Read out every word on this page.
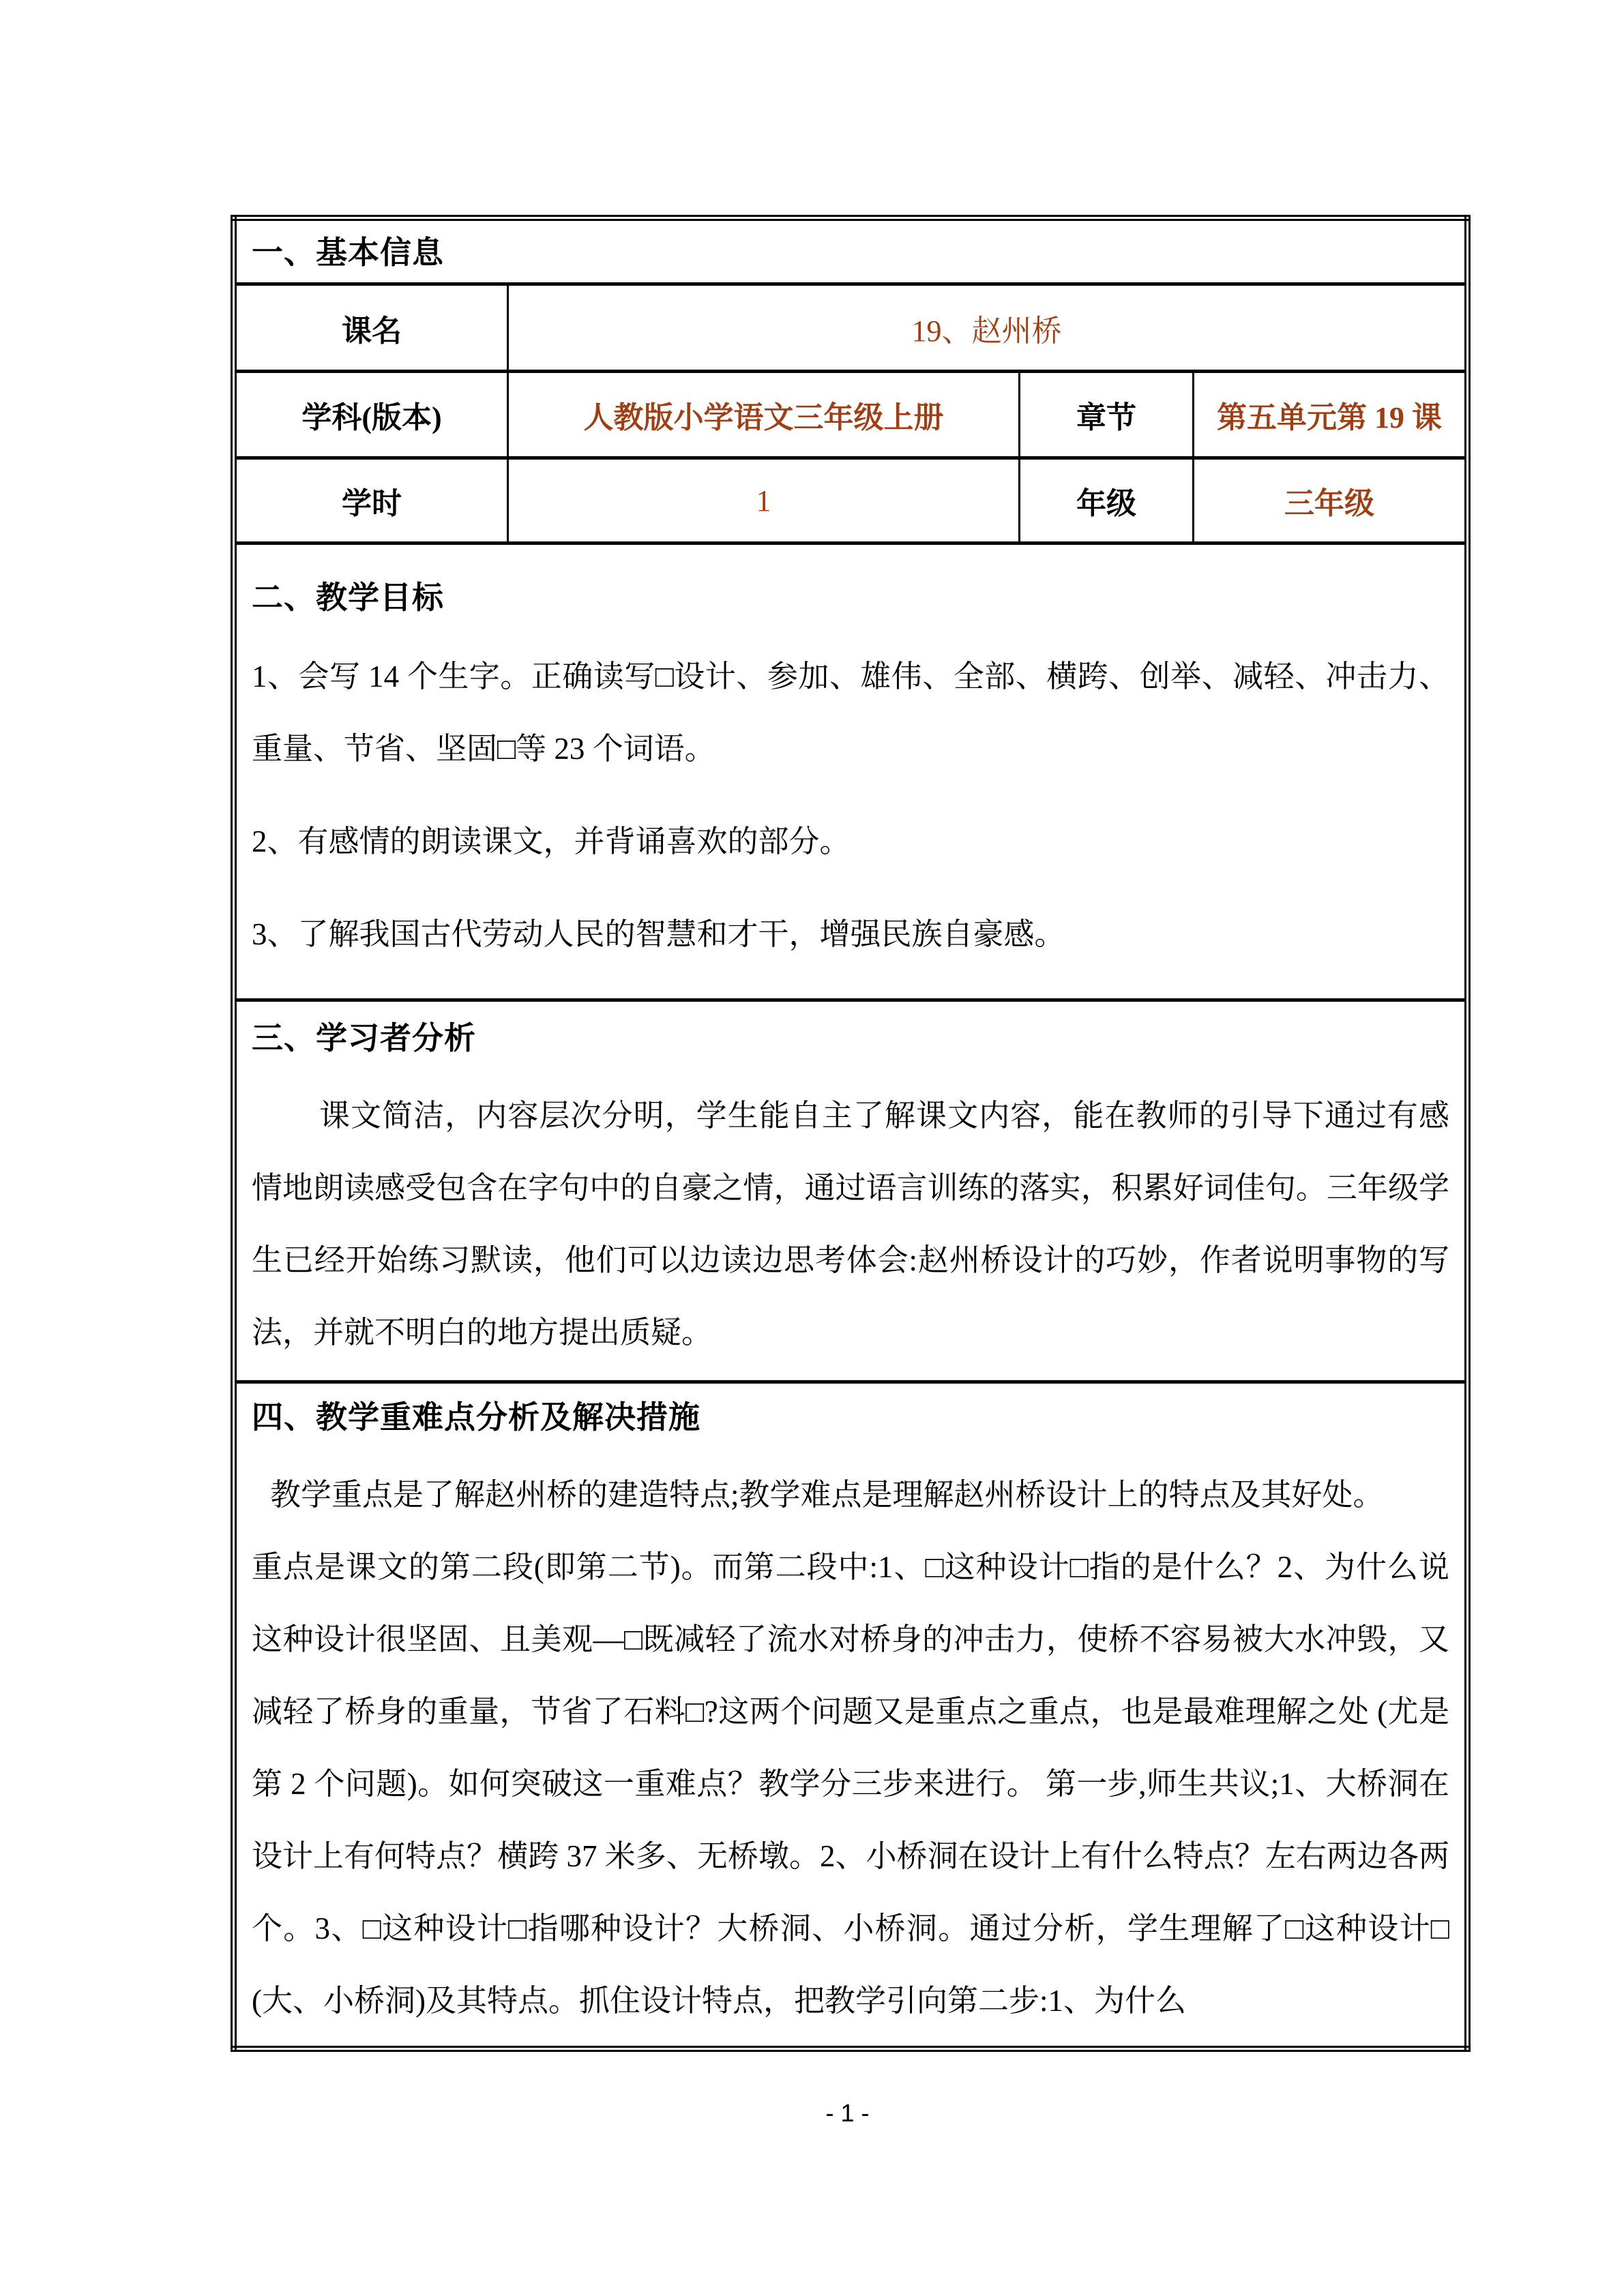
一、基本信息			

课名	19、赵州桥		
学科(版本)	人教版小学语文三年级上册	章节	第五单元第 19 课
学时	1	年级	三年级

二、教学目标

1、会写 14 个生字。正确读写□设计、参加、雄伟、全部、横跨、创举、减轻、冲击力、重量、节省、坚固□等 23 个词语。

2、有感情的朗读课文，并背诵喜欢的部分。

3、了解我国古代劳动人民的智慧和才干，增强民族自豪感。			

三、学习者分析

课文简洁，内容层次分明，学生能自主了解课文内容，能在教师的引导下通过有感情地朗读感受包含在字句中的自豪之情，通过语言训练的落实，积累好词佳句。三年级学生已经开始练习默读，他们可以边读边思考体会:赵州桥设计的巧妙，作者说明事物的写法，并就不明白的地方提出质疑。			

四、教学重难点分析及解决措施

教学重点是了解赵州桥的建造特点;教学难点是理解赵州桥设计上的特点及其好处。

重点是课文的第二段(即第二节)。而第二段中:1、□这种设计□指的是什么？2、为什么说这种设计很坚固、且美观—□既减轻了流水对桥身的冲击力，使桥不容易被大水冲毁，又减轻了桥身的重量，节省了石料□?这两个问题又是重点之重点，也是最难理解之处 (尤是第 2 个问题)。如何突破这一重难点？教学分三步来进行。 第一步,师生共议;1、大桥洞在设计上有何特点？横跨 37 米多、无桥墩。2、小桥洞在设计上有什么特点？左右两边各两个。3、□这种设计□指哪种设计？大桥洞、小桥洞。通过分析，学生理解了□这种设计□(大、小桥洞)及其特点。抓住设计特点，把教学引向第二步:1、为什么			

- 1 -
